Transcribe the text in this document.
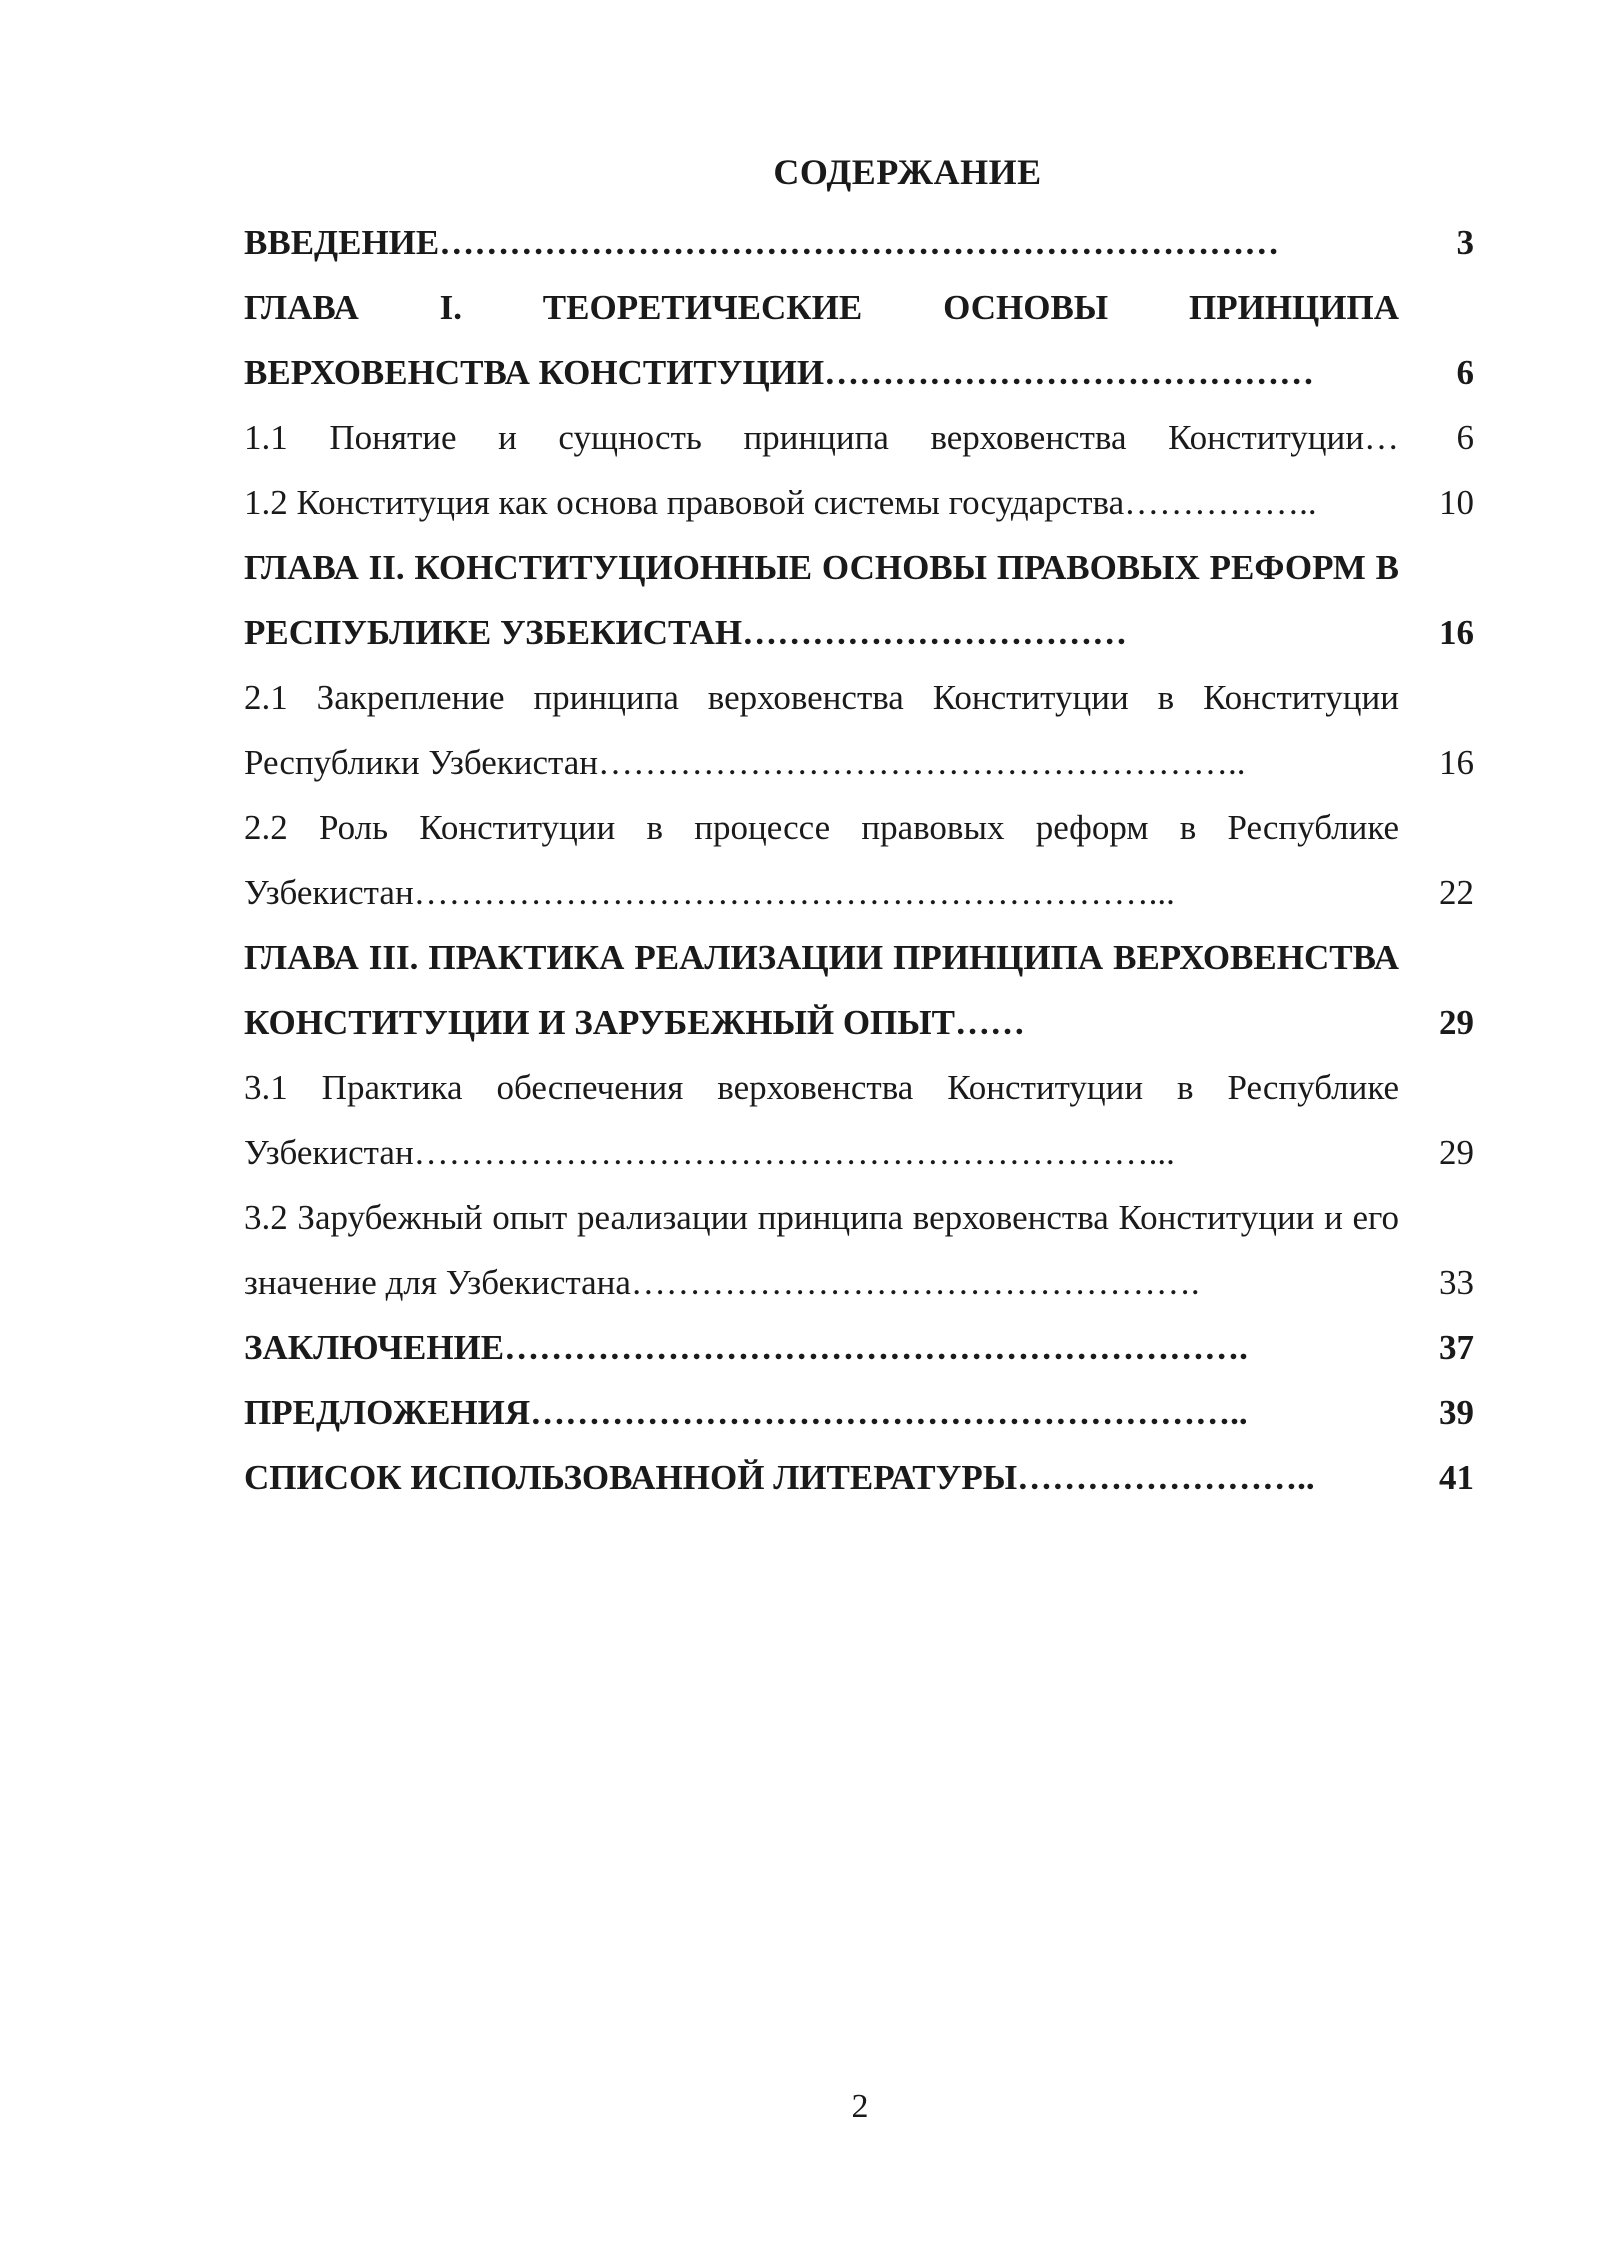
СОДЕРЖАНИЕ
ВВЕДЕНИЕ………………………………………………………………	3
ГЛАВА I. ТЕОРЕТИЧЕСКИЕ ОСНОВЫ ПРИНЦИПА ВЕРХОВЕНСТВА КОНСТИТУЦИИ……………………………………	6
1.1 Понятие и сущность принципа верховенства Конституции…	6
1.2 Конституция как основа правовой системы государства……………..	10
ГЛАВА II. КОНСТИТУЦИОННЫЕ ОСНОВЫ ПРАВОВЫХ РЕФОРМ В РЕСПУБЛИКЕ УЗБЕКИСТАН……………………………	16
2.1 Закрепление принципа верховенства Конституции в Конституции Республики Узбекистан………………………………………………..	16
2.2 Роль Конституции в процессе правовых реформ в Республике Узбекистан………………………………………………………...	22
ГЛАВА III. ПРАКТИКА РЕАЛИЗАЦИИ ПРИНЦИПА ВЕРХОВЕНСТВА КОНСТИТУЦИИ И ЗАРУБЕЖНЫЙ ОПЫТ……	29
3.1 Практика обеспечения верховенства Конституции в Республике Узбекистан………………………………………………………...	29
3.2 Зарубежный опыт реализации принципа верховенства Конституции и его значение для Узбекистана………………………………………….	33
ЗАКЛЮЧЕНИЕ……………………………………………………….	37
ПРЕДЛОЖЕНИЯ……………………………………………………..	39
СПИСОК ИСПОЛЬЗОВАННОЙ ЛИТЕРАТУРЫ……………………..	41
2
